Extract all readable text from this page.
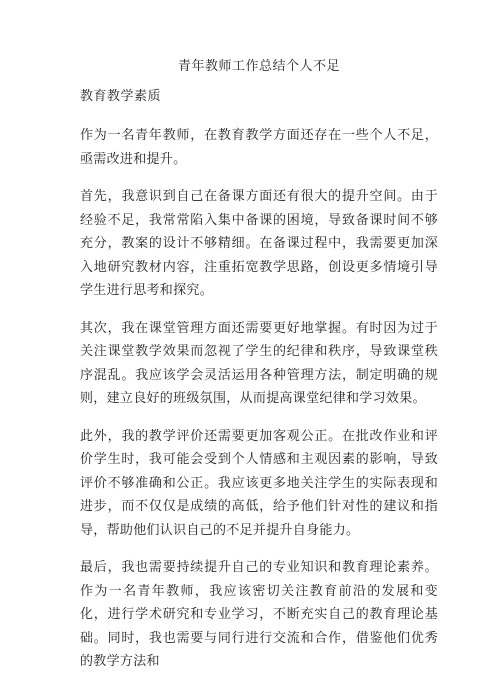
青年教师工作总结个人不足
教育教学素质

作为一名青年教师，在教育教学方面还存在一些个人不足，亟需改进和提升。

首先，我意识到自己在备课方面还有很大的提升空间。由于经验不足，我常常陷入集中备课的困境，导致备课时间不够充分，教案的设计不够精细。在备课过程中，我需要更加深入地研究教材内容，注重拓宽教学思路，创设更多情境引导学生进行思考和探究。

其次，我在课堂管理方面还需要更好地掌握。有时因为过于关注课堂教学效果而忽视了学生的纪律和秩序，导致课堂秩序混乱。我应该学会灵活运用各种管理方法，制定明确的规则，建立良好的班级氛围，从而提高课堂纪律和学习效果。

此外，我的教学评价还需要更加客观公正。在批改作业和评价学生时，我可能会受到个人情感和主观因素的影响，导致评价不够准确和公正。我应该更多地关注学生的实际表现和进步，而不仅仅是成绩的高低，给予他们针对性的建议和指导，帮助他们认识自己的不足并提升自身能力。

最后，我也需要持续提升自己的专业知识和教育理论素养。作为一名青年教师，我应该密切关注教育前沿的发展和变化，进行学术研究和专业学习，不断充实自己的教育理论基础。同时，我也需要与同行进行交流和合作，借鉴他们优秀的教学方法和
